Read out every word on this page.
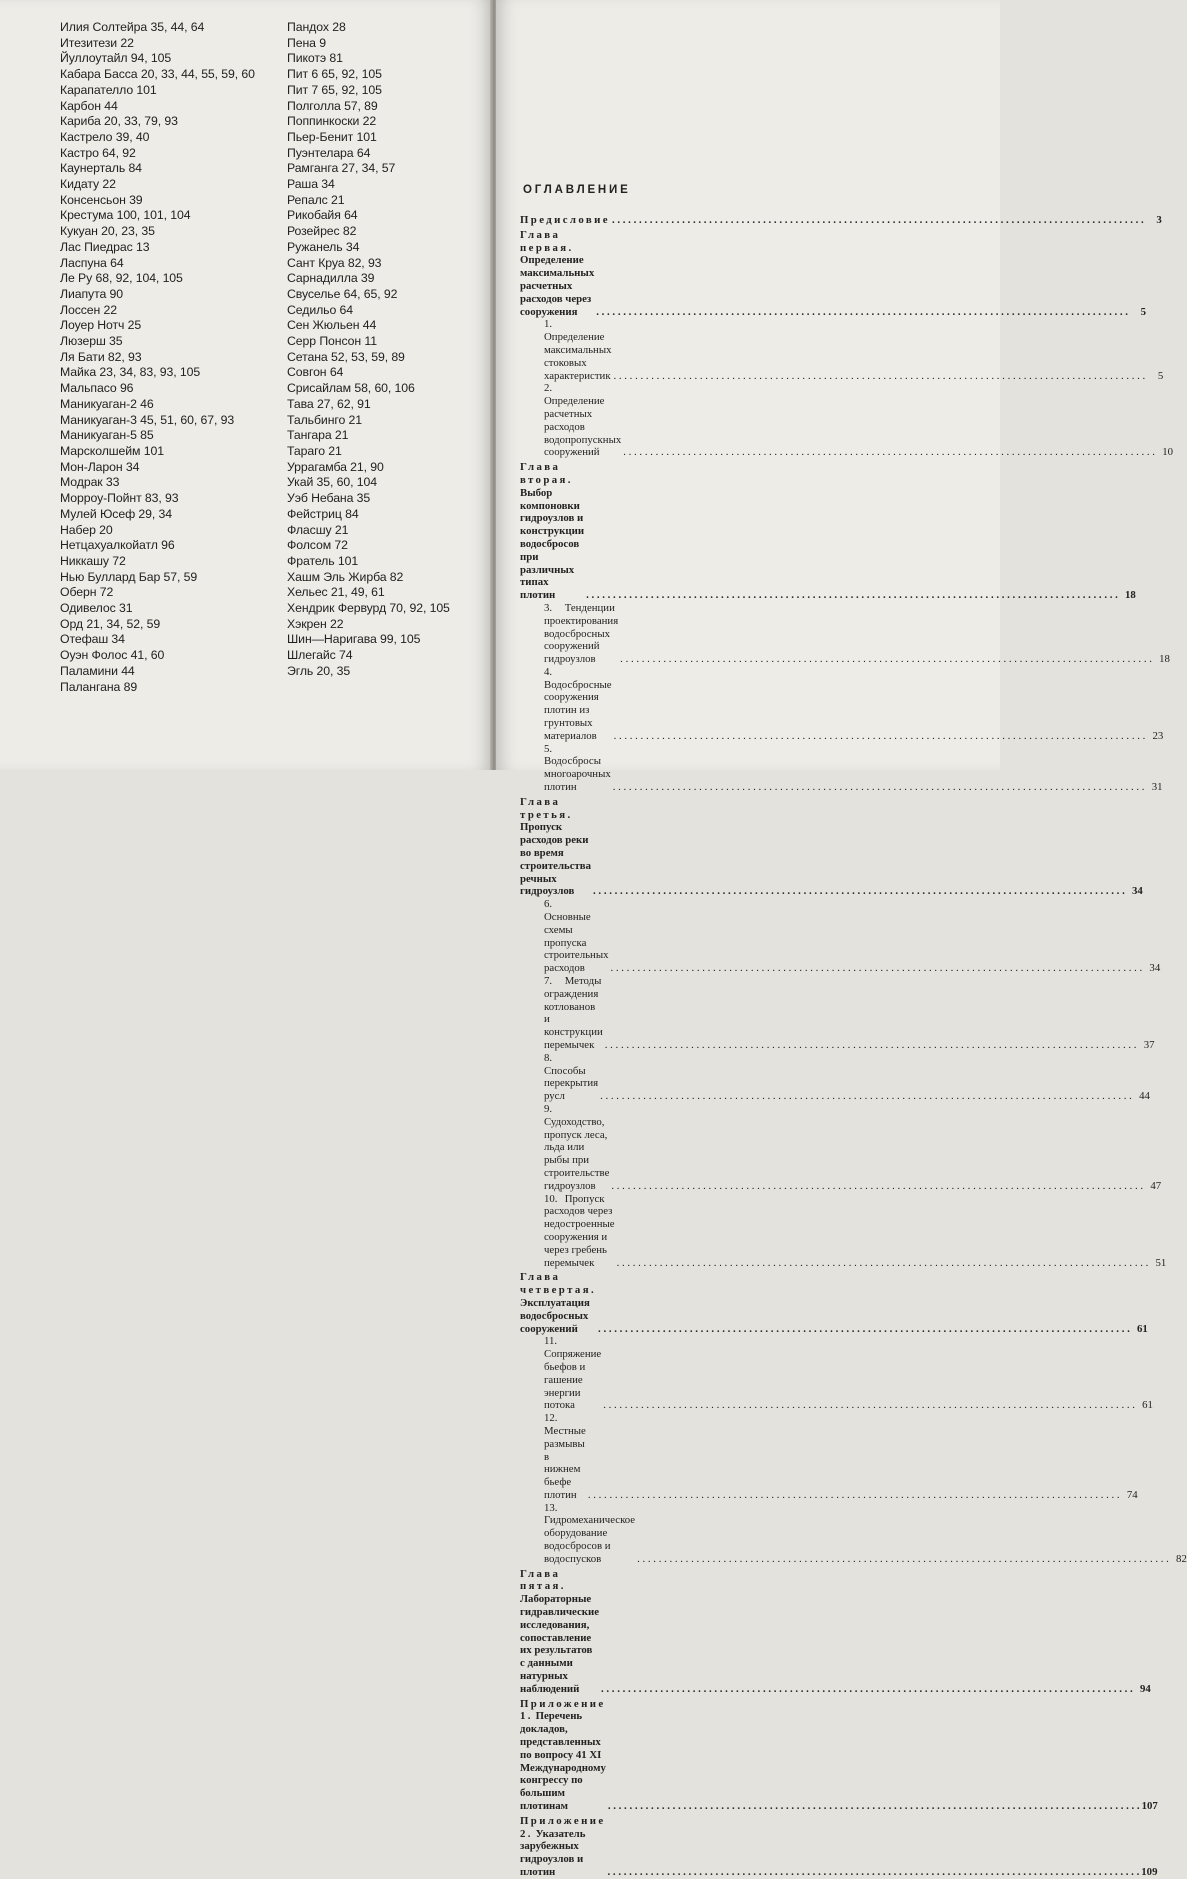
Илия Солтейра 35, 44, 64
Итезитези 22
Йуллоутайл 94, 105
Кабара Басса 20, 33, 44, 55, 59, 60
Карапателло 101
Карбон 44
Кариба 20, 33, 79, 93
Кастрело 39, 40
Кастро 64, 92
Каунерталь 84
Кидату 22
Консенсьон 39
Крестума 100, 101, 104
Кукуан 20, 23, 35
Лас Пиедрас 13
Ласпуна 64
Ле Ру 68, 92, 104, 105
Лиапута 90
Лоссен 22
Лоуер Нотч 25
Люзерш 35
Ля Бати 82, 93
Майка 23, 34, 83, 93, 105
Мальпасо 96
Маникуаган-2 46
Маникуаган-3 45, 51, 60, 67, 93
Маникуаган-5 85
Марсколшейм 101
Мон-Ларон 34
Модрак 33
Морроу-Пойнт 83, 93
Мулей Юсеф 29, 34
Набер 20
Нетцахуалкойатл 96
Никкашу 72
Нью Буллард Бар 57, 59
Оберн 72
Одивелос 31
Орд 21, 34, 52, 59
Отефаш 34
Оуэн Фолос 41, 60
Паламини 44
Палангана 89
Пандох 28
Пена 9
Пикотэ 81
Пит 6 65, 92, 105
Пит 7 65, 92, 105
Полголла 57, 89
Поппинкоски 22
Пьер-Бенит 101
Пуэнтелара 64
Рамганга 27, 34, 57
Раша 34
Репалс 21
Рикобайя 64
Розейрес 82
Ружанель 34
Сант Круа 82, 93
Сарнадилла 39
Свуселье 64, 65, 92
Седильо 64
Сен Жюльен 44
Серр Понсон 11
Сетана 52, 53, 59, 89
Совгон 64
Срисайлам 58, 60, 106
Тава 27, 62, 91
Тальбинго 21
Тангара 21
Тараго 21
Уррагамба 21, 90
Укай 35, 60, 104
Уэб Небана 35
Фейстриц 84
Фласшу 21
Фолсом 72
Фратель 101
Хашм Эль Жирба 82
Хельес 21, 49, 61
Хендрик Фервурд 70, 92, 105
Хэкрен 22
Шин—Наригава 99, 105
Шлегайс 74
Эгль 20, 35
ОГЛАВЛЕНИЕ
Предисловие . . .	3
Глава первая. Определение максимальных расчетных расходов через сооружения . . .	5
1. Определение максимальных стоковых характеристик . . .	5
2. Определение расчетных расходов водопропускных сооружений . . .	10
Глава вторая. Выбор компоновки гидроузлов и конструкции водосбросов при различных типах плотин . . .	18
3. Тенденции проектирования водосбросных сооружений гидроузлов . . .	18
4. Водосбросные сооружения плотин из грунтовых материалов . . .	23
5. Водосбросы многоарочных плотин . . .	31
Глава третья. Пропуск расходов реки во время строительства речных гидроузлов . . .	34
6. Основные схемы пропуска строительных расходов . . .	34
7. Методы ограждения котлованов и конструкции перемычек . . .	37
8. Способы перекрытия русл . . .	44
9. Судоходство, пропуск леса, льда или рыбы при строительстве гидроузлов . . .	47
10. Пропуск расходов через недостроенные сооружения и через гребень перемычек . . .	51
Глава четвертая. Эксплуатация водосбросных сооружений . . .	61
11. Сопряжение бьефов и гашение энергии потока . . .	61
12. Местные размывы в нижнем бьефе плотин . . .	74
13. Гидромеханическое оборудование водосбросов и водоспусков . . .	82
Глава пятая. Лабораторные гидравлические исследования, сопоставление их результатов с данными натурных наблюдений . . .	94
Приложение 1. Перечень докладов, представленных по вопросу 41 XI Международному конгрессу по большим плотинам . . .	107
Приложение 2. Указатель зарубежных гидроузлов и плотин . . .	109
